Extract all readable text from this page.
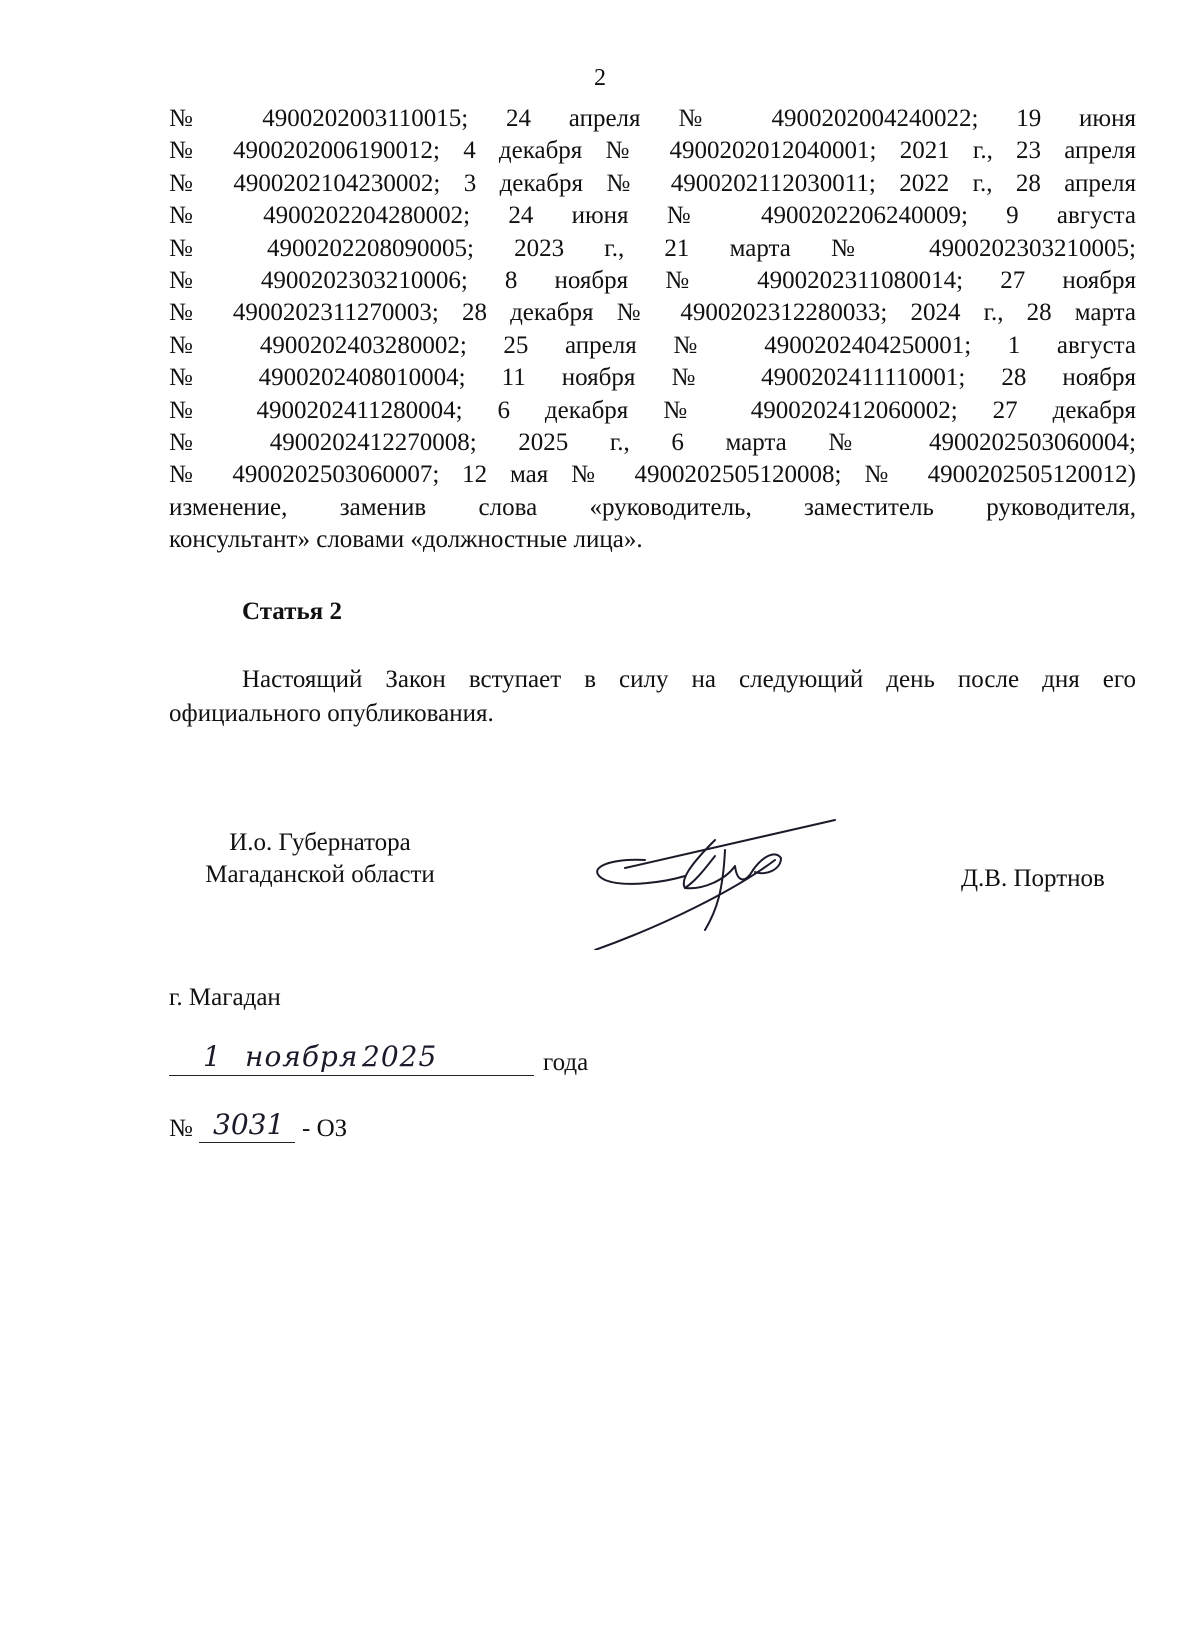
2
№ 4900202003110015; 24 апреля № 4900202004240022; 19 июня
№ 4900202006190012; 4 декабря № 4900202012040001; 2021 г., 23 апреля
№ 4900202104230002; 3 декабря № 4900202112030011; 2022 г., 28 апреля
№ 4900202204280002; 24 июня № 4900202206240009; 9 августа
№ 4900202208090005; 2023 г., 21 марта № 4900202303210005;
№ 4900202303210006; 8 ноября № 4900202311080014; 27 ноября
№ 4900202311270003; 28 декабря № 4900202312280033; 2024 г., 28 марта
№ 4900202403280002; 25 апреля № 4900202404250001; 1 августа
№ 4900202408010004; 11 ноября № 4900202411110001; 28 ноября
№ 4900202411280004; 6 декабря № 4900202412060002; 27 декабря
№ 4900202412270008; 2025 г., 6 марта № 4900202503060004;
№ 4900202503060007; 12 мая № 4900202505120008; № 4900202505120012)
изменение, заменив слова «руководитель, заместитель руководителя,
консультант» словами «должностные лица».
Статья 2
Настоящий Закон вступает в силу на следующий день после дня его
официального опубликования.
И.о. Губернатора
Магаданской области	Д.В. Портнов
г. Магадан
1 ноября 2025	года
№ 3031 - ОЗ
